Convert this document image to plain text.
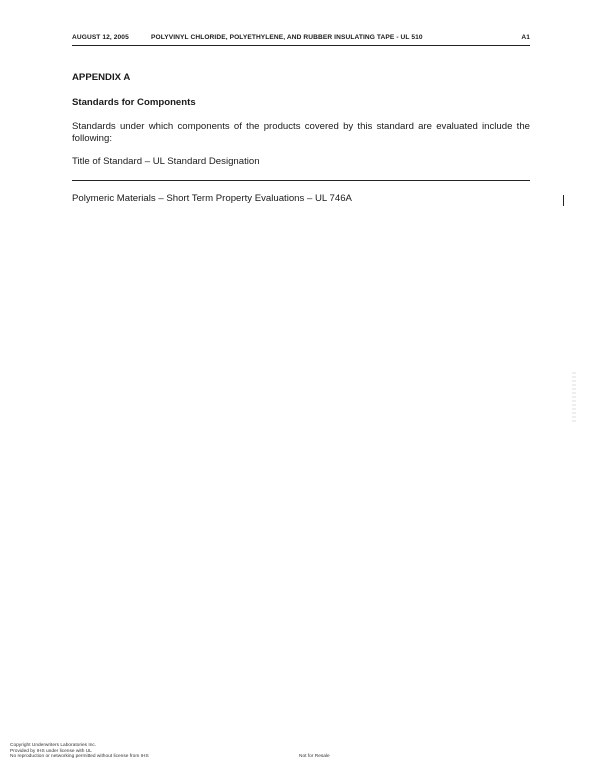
AUGUST 12, 2005	POLYVINYL CHLORIDE, POLYETHYLENE, AND RUBBER INSULATING TAPE - UL 510	A1
APPENDIX A
Standards for Components
Standards under which components of the products covered by this standard are evaluated include the following:
Title of Standard – UL Standard Designation
Polymeric Materials – Short Term Property Evaluations – UL 746A
Copyright Underwriters Laboratories Inc.
Provided by IHS under license with UL
No reproduction or networking permitted without license from IHS	Not for Resale
